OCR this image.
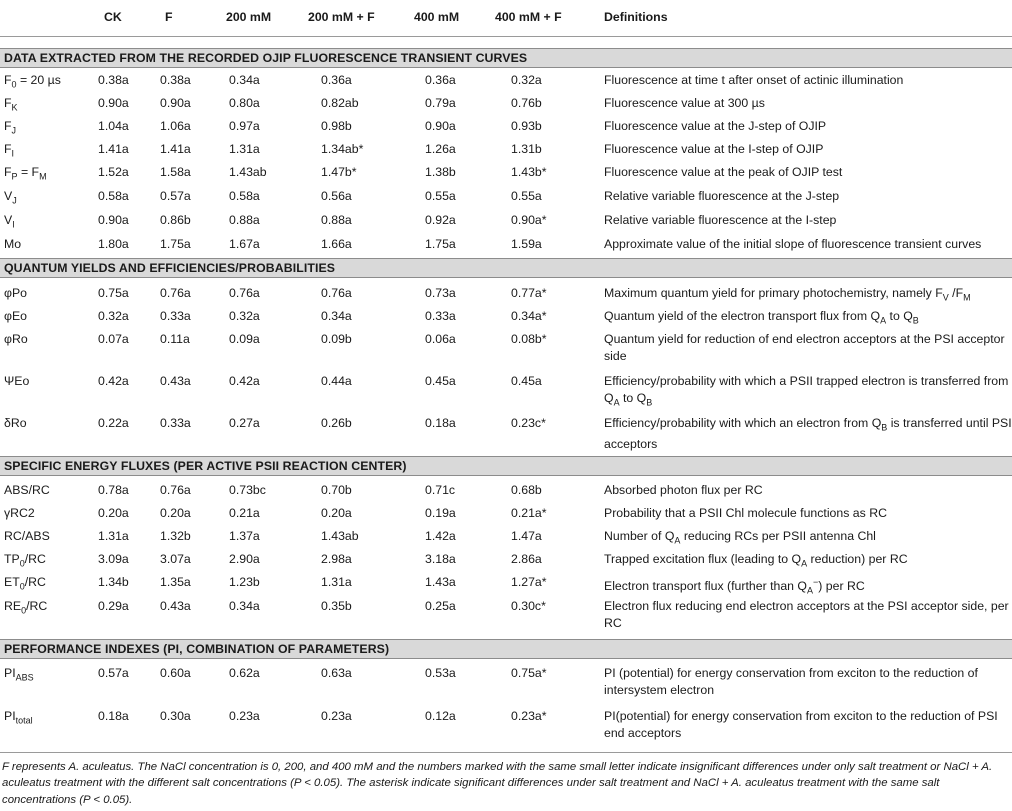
CK	F	200 mM	200 mM + F	400 mM	400 mM + F	Definitions
DATA EXTRACTED FROM THE RECORDED OJIP FLUORESCENCE TRANSIENT CURVES
$F_0 = 20$ µs	0.38a	0.38a	0.34a	0.36a	0.36a	0.32a	Fluorescence at time t after onset of actinic illumination
$F_K$	0.90a	0.90a	0.80a	0.82ab	0.79a	0.76b	Fluorescence value at 300 µs
$F_J$	1.04a	1.06a	0.97a	0.98b	0.90a	0.93b	Fluorescence value at the J-step of OJIP
$F_I$	1.41a	1.41a	1.31a	1.34ab*	1.26a	1.31b	Fluorescence value at the I-step of OJIP
$F_P = F_M$	1.52a	1.58a	1.43ab	1.47b*	1.38b	1.43b*	Fluorescence value at the peak of OJIP test
$V_J$	0.58a	0.57a	0.58a	0.56a	0.55a	0.55a	Relative variable fluorescence at the J-step
$V_I$	0.90a	0.86b	0.88a	0.88a	0.92a	0.90a*	Relative variable fluorescence at the I-step
Mo	1.80a	1.75a	1.67a	1.66a	1.75a	1.59a	Approximate value of the initial slope of fluorescence transient curves
QUANTUM YIELDS AND EFFICIENCIES/PROBABILITIES
φPo	0.75a	0.76a	0.76a	0.76a	0.73a	0.77a*	Maximum quantum yield for primary photochemistry, namely $F_V$ $/F_M$
φEo	0.32a	0.33a	0.32a	0.34a	0.33a	0.34a*	Quantum yield of the electron transport flux from $Q_A$ to $Q_B$
φRo	0.07a	0.11a	0.09a	0.09b	0.06a	0.08b*	Quantum yield for reduction of end electron acceptors at the PSI acceptor side
ΨEo	0.42a	0.43a	0.42a	0.44a	0.45a	0.45a	Efficiency/probability with which a PSII trapped electron is transferred from $Q_A$ to $Q_B$
δRo	0.22a	0.33a	0.27a	0.26b	0.18a	0.23c*	Efficiency/probability with which an electron from $Q_B$ is transferred until PSI acceptors
SPECIFIC ENERGY FLUXES (PER ACTIVE PSII REACTION CENTER)
ABS/RC	0.78a	0.76a	0.73bc	0.70b	0.71c	0.68b	Absorbed photon flux per RC
γRC2	0.20a	0.20a	0.21a	0.20a	0.19a	0.21a*	Probability that a PSII Chl molecule functions as RC
RC/ABS	1.31a	1.32b	1.37a	1.43ab	1.42a	1.47a	Number of $Q_A$ reducing RCs per PSII antenna Chl
$TP_0/RC$	3.09a	3.07a	2.90a	2.98a	3.18a	2.86a	Trapped excitation flux (leading to $Q_A$ reduction) per RC
$ET_0/RC$	1.34b	1.35a	1.23b	1.31a	1.43a	1.27a*	Electron transport flux (further than $Q_A^-$) per RC
$RE_0/RC$	0.29a	0.43a	0.34a	0.35b	0.25a	0.30c*	Electron flux reducing end electron acceptors at the PSI acceptor side, per RC
PERFORMANCE INDEXES (PI, COMBINATION OF PARAMETERS)
$PI_{ABS}$	0.57a	0.60a	0.62a	0.63a	0.53a	0.75a*	PI (potential) for energy conservation from exciton to the reduction of intersystem electron
$PI_{total}$	0.18a	0.30a	0.23a	0.23a	0.12a	0.23a*	PI(potential) for energy conservation from exciton to the reduction of PSI end acceptors
F represents A. aculeatus. The NaCl concentration is 0, 200, and 400 mM and the numbers marked with the same small letter indicate insignificant differences under only salt treatment or NaCl + A. aculeatus treatment with the different salt concentrations (P < 0.05). The asterisk indicate significant differences under salt treatment and NaCl + A. aculeatus treatment with the same salt concentrations (P < 0.05).
